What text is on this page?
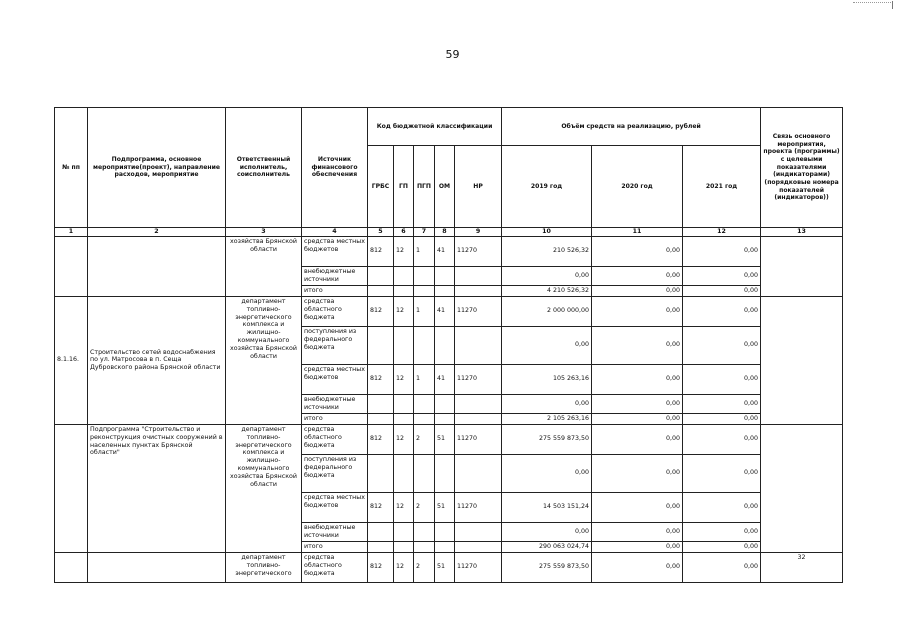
59
№ пп	Подпрограмма, основное мероприятие(проект), направление расходов, мероприятие	Ответственный исполнитель, соисполнитель	Источник финансового обеспечения	Код бюджетной классификации					Объём средств на реализацию, рублей			Связь основного мероприятия, проекта (программы) с целевыми показателями (индикаторами) (порядковые номера показателей (индикаторов))
				ГРБС	ГП	ПГП	ОМ	НР	2019 год	2020 год	2021 год	
1	2	3	4	5	6	7	8	9	10	11	12	13
		хозяйства Брянской области	средства местных бюджетов	812	12	1	41	11270	210 526,32	0,00	0,00	
			внебюджетные источники						0,00	0,00	0,00	
			итого						4 210 526,32	0,00	0,00	
8.1.16.	Строительство сетей водоснабжения по ул. Матросова в п. Сеща Дубровского района Брянской области	департамент топливно-энергетического комплекса и жилищно-коммунального хозяйства Брянской области	средства областного бюджета	812	12	1	41	11270	2 000 000,00	0,00	0,00	
			поступления из федерального бюджета						0,00	0,00	0,00	
			средства местных бюджетов	812	12	1	41	11270	105 263,16	0,00	0,00	
			внебюджетные источники						0,00	0,00	0,00	
			итого						2 105 263,16	0,00	0,00	
	Подпрограмма "Строительство и реконструкция очистных сооружений в населенных пунктах Брянской области"	департамент топливно-энергетического комплекса и жилищно-коммунального хозяйства Брянской области	средства областного бюджета	812	12	2	51	11270	275 559 873,50	0,00	0,00	
			поступления из федерального бюджета						0,00	0,00	0,00	
			средства местных бюджетов	812	12	2	51	11270	14 503 151,24	0,00	0,00	
			внебюджетные источники						0,00	0,00	0,00	
			итого						290 063 024,74	0,00	0,00	
		департамент топливно-энергетического	средства областного бюджета	812	12	2	51	11270	275 559 873,50	0,00	0,00	32
